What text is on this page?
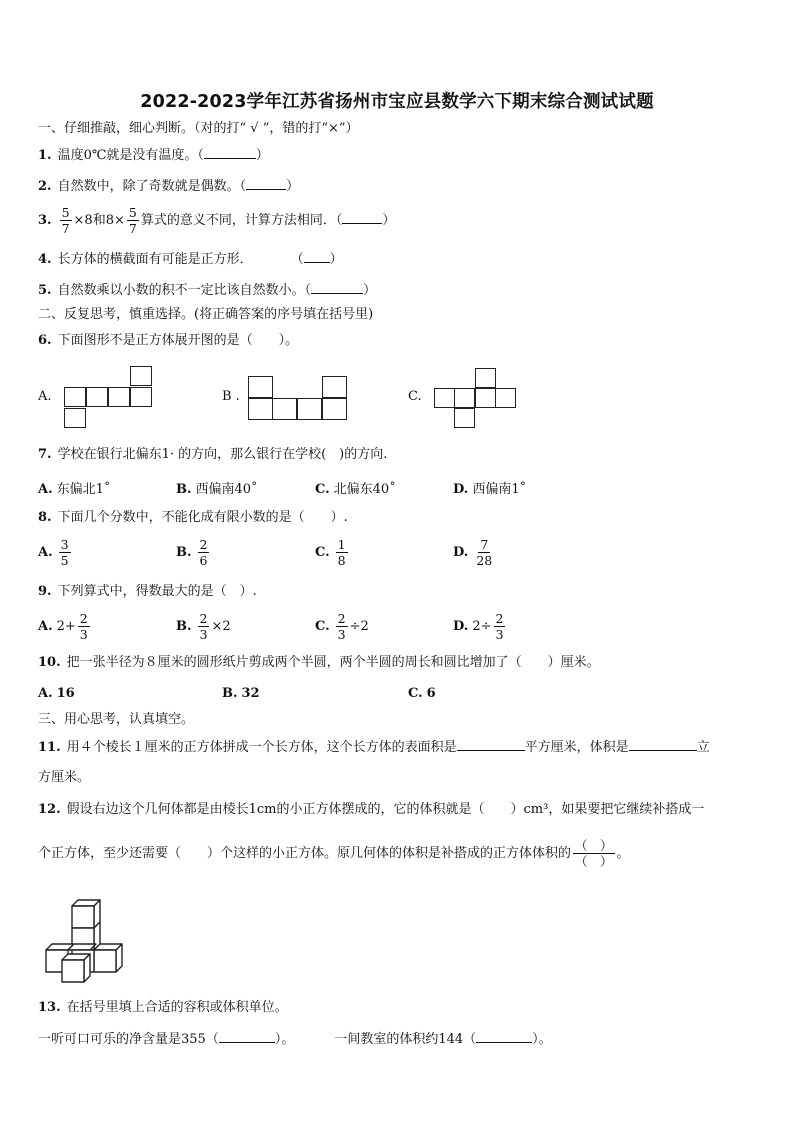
2022-2023学年江苏省扬州市宝应县数学六下期末综合测试试题
一、仔细推敲，细心判断。（对的打“ √ ”，错的打“×”）
1. 温度0℃就是没有温度。（	）
2. 自然数中，除了奇数就是偶数。（	）
3. $\frac{5}{7} \times 8$和$8\times \frac{5}{7}$ 算式的意义不同，计算方法相同．（	）
4. 长方体的横截面有可能是正方形．	（ ）
5. 自然数乘以小数的积不一定比该自然数小。（	）
二、反复思考，慎重选择。(将正确答案的序号填在括号里)
6. 下面图形不是正方体展开图的是（　　）。
A.	B .	C.
7. 学校在银行北偏东1· 的方向，那么银行在学校(　)的方向.
A. 东偏北1˚	B. 西偏南40˚	C. 北偏东40˚	D. 西偏南1˚
8. 下面几个分数中，不能化成有限小数的是（　　）.
A. $\frac{3}{5}$	B. $\frac{2}{6}$	C. $\frac{1}{8}$	D. $\frac{7}{28}$
9. 下列算式中，得数最大的是（　）.
A. $2+ \frac{2}{3}$	B. $\frac{2}{3} \times 2$	C. $\frac{2}{3} \div 2$	D. $2\div \frac{2}{3}$
10. 把一张半径为８厘米的圆形纸片剪成两个半圆，两个半圆的周长和圆比增加了（　　）厘米。
A. 16	B. 32	C. 6
三、用心思考，认真填空。
11. 用４个棱长１厘米的正方体拼成一个长方体，这个长方体的表面积是	平方厘米，体积是	立
方厘米。
12. 假设右边这个几何体都是由棱长1cm的小正方体摆成的，它的体积就是（　　）cm³，如果要把它继续补搭成一
个正方体，至少还需要（　　）个这样的小正方体。原几何体的体积是补搭成的正方体体积的 $\frac{( )}{( )}$ 。
13. 在括号里填上合适的容积或体积单位。
一听可口可乐的净含量是355（	）。	一间教室的体积约144（	）。
